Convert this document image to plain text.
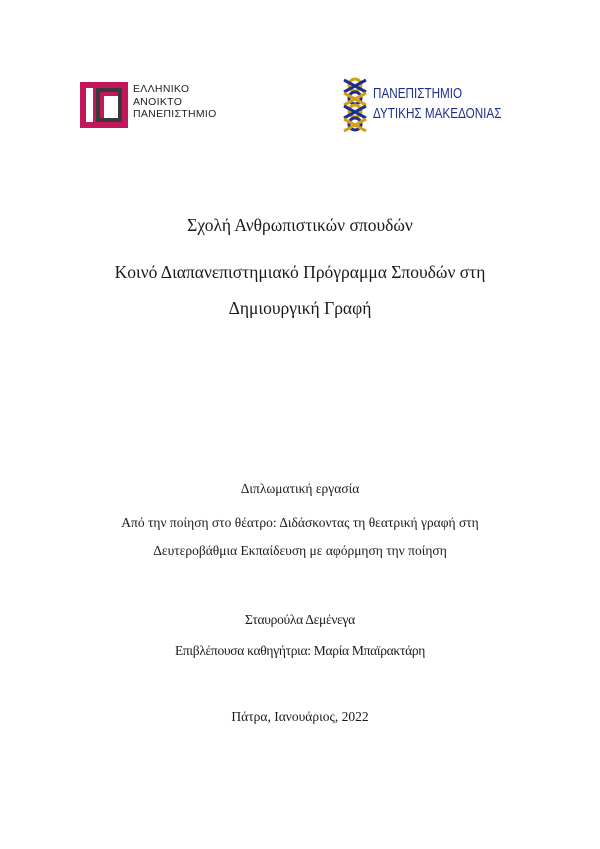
ΕΛΛΗΝΙΚΟ
ΑΝΟΙΚΤΟ
ΠΑΝΕΠΙΣΤΗΜΙΟ
ΠΑΝΕΠΙΣΤΗΜΙΟ
ΔΥΤΙΚΗΣ ΜΑΚΕΔΟΝΙΑΣ
Σχολή Ανθρωπιστικών σπουδών
Κοινό Διαπανεπιστημιακό Πρόγραμμα Σπουδών στη
Δημιουργική Γραφή
Διπλωματική εργασία
Από την ποίηση στο θέατρο: Διδάσκοντας τη θεατρική γραφή στη
Δευτεροβάθμια Εκπαίδευση με αφόρμηση την ποίηση
Σταυρούλα Δεμένεγα
Επιβλέπουσα καθηγήτρια: Μαρία Μπαϊρακτάρη
Πάτρα, Ιανουάριος, 2022
